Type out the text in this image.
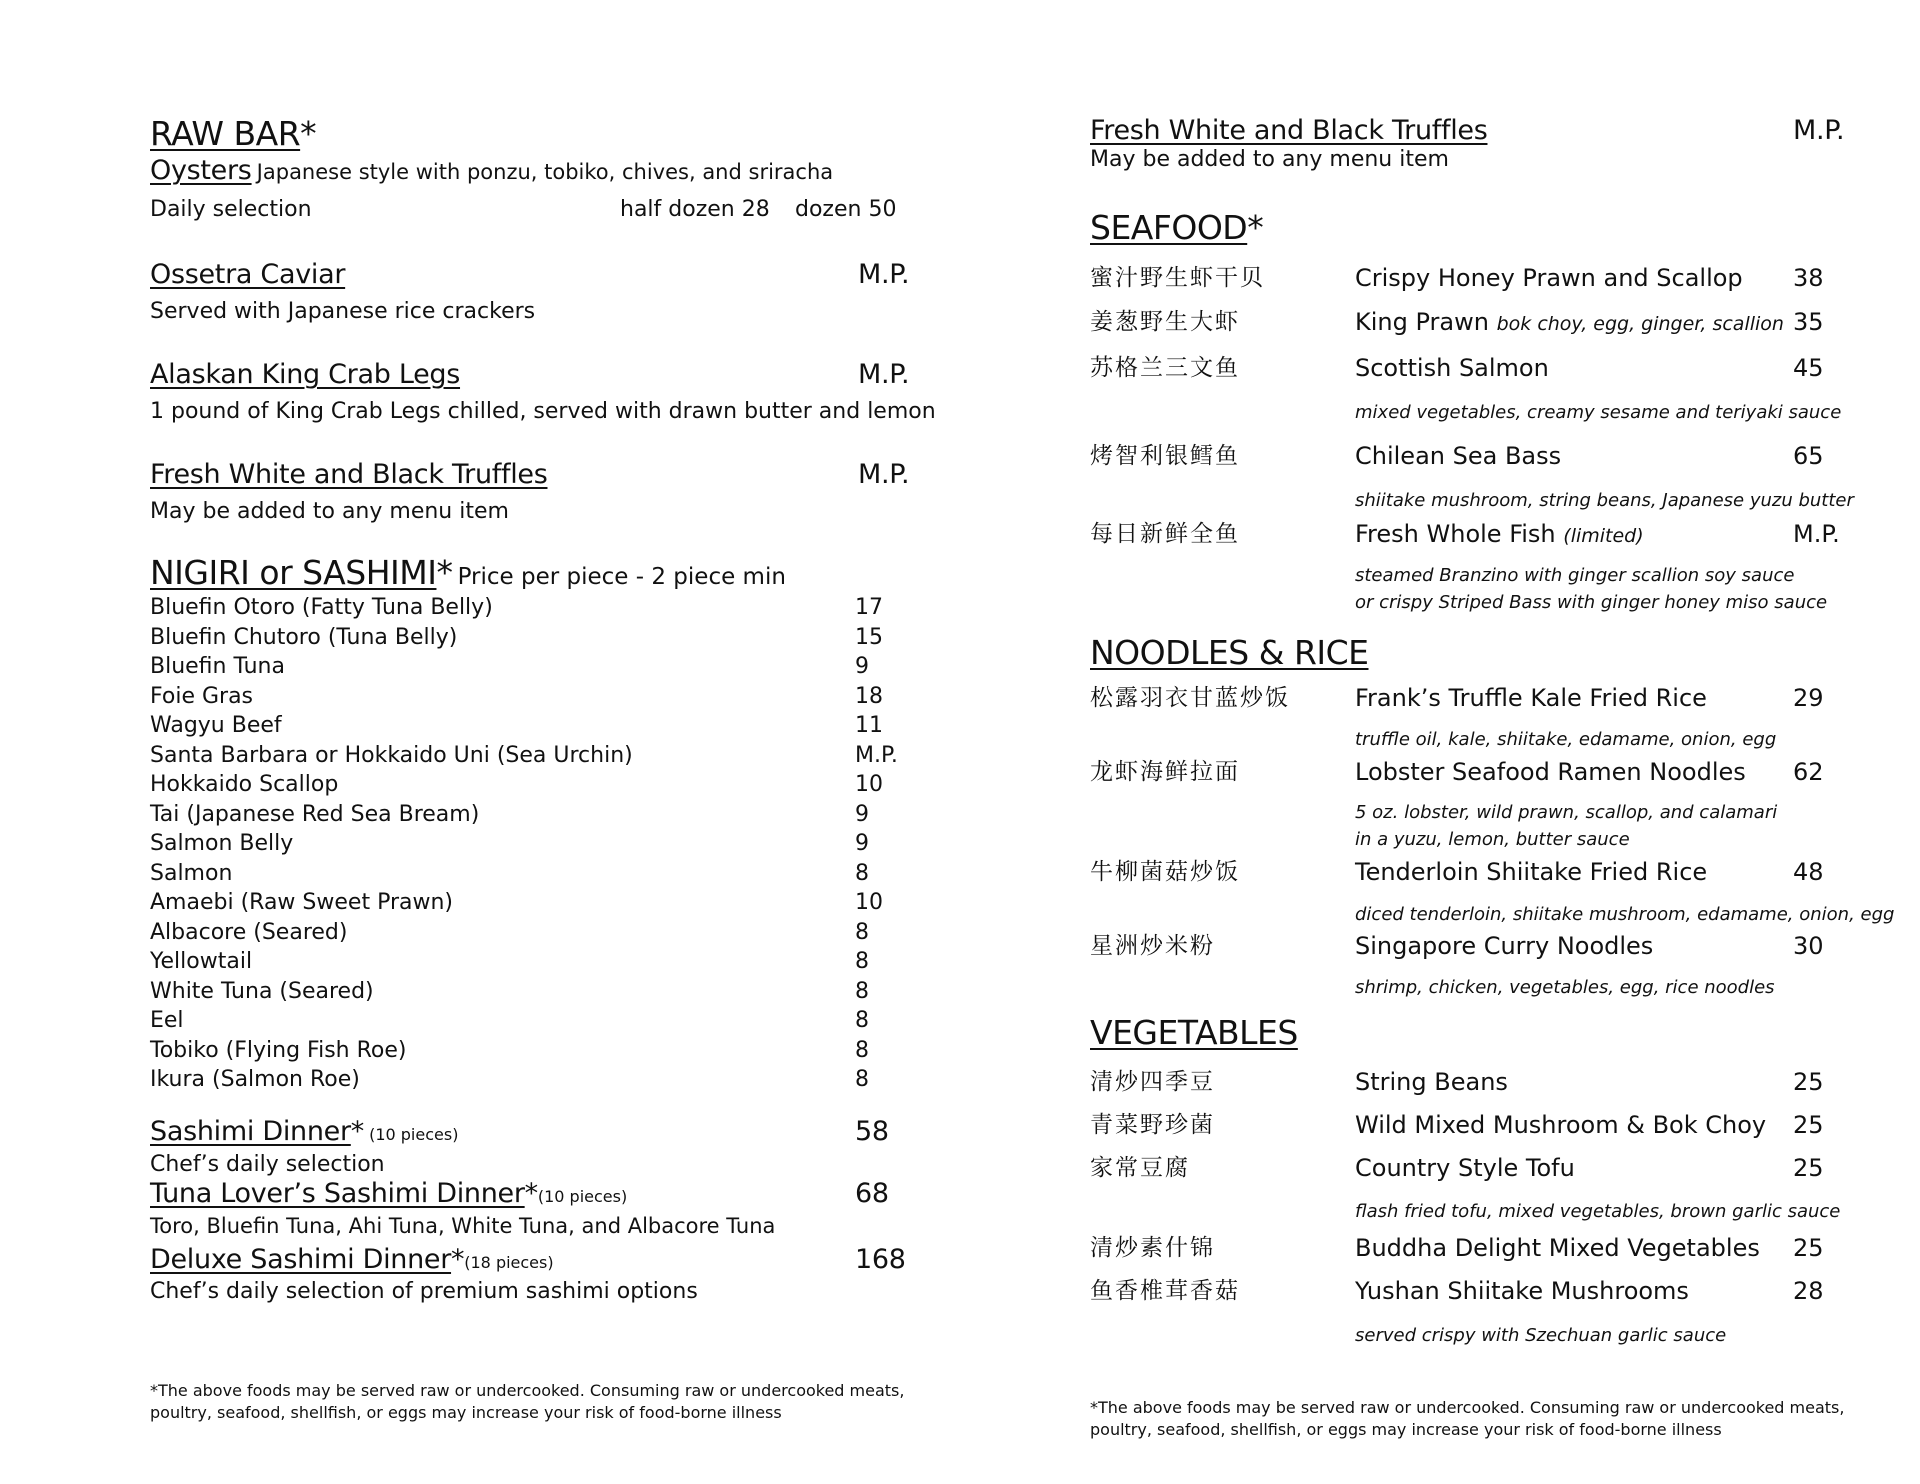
RAW BAR*
Oysters Japanese style with ponzu, tobiko, chives, and sriracha
Daily selection	half dozen 28 dozen 50
Ossetra Caviar	M.P.
Served with Japanese rice crackers
Alaskan King Crab Legs	M.P.
1 pound of King Crab Legs chilled, served with drawn butter and lemon
Fresh White and Black Truffles	M.P.
May be added to any menu item
NIGIRI or SASHIMI* Price per piece - 2 piece min
Bluefin Otoro (Fatty Tuna Belly)	17
Bluefin Chutoro (Tuna Belly)	15
Bluefin Tuna	9
Foie Gras	18
Wagyu Beef	11
Santa Barbara or Hokkaido Uni (Sea Urchin)	M.P.
Hokkaido Scallop	10
Tai (Japanese Red Sea Bream)	9
Salmon Belly	9
Salmon	8
Amaebi (Raw Sweet Prawn)	10
Albacore (Seared)	8
Yellowtail	8
White Tuna (Seared)	8
Eel	8
Tobiko (Flying Fish Roe)	8
Ikura (Salmon Roe)	8
Sashimi Dinner* (10 pieces)	58
Chef’s daily selection
Tuna Lover’s Sashimi Dinner*(10 pieces)	68
Toro, Bluefin Tuna, Ahi Tuna, White Tuna, and Albacore Tuna
Deluxe Sashimi Dinner*(18 pieces)	168
Chef’s daily selection of premium sashimi options
*The above foods may be served raw or undercooked. Consuming raw or undercooked meats, poultry, seafood, shellfish, or eggs may increase your risk of food-borne illness
Fresh White and Black Truffles	M.P.
May be added to any menu item
SEAFOOD*
蜜汁野生虾干贝	Crispy Honey Prawn and Scallop 38
姜葱野生大虾	King Prawn bok choy, egg, ginger, scallion 35
苏格兰三文鱼	Scottish Salmon	45
mixed vegetables, creamy sesame and teriyaki sauce
烤智利银鳕鱼	Chilean Sea Bass	65
shiitake mushroom, string beans, Japanese yuzu butter
每日新鲜全鱼	Fresh Whole Fish (limited)	M.P.
steamed Branzino with ginger scallion soy sauce
or crispy Striped Bass with ginger honey miso sauce
NOODLES & RICE
松露羽衣甘蓝炒饭	Frank’s Truffle Kale Fried Rice	29
truffle oil, kale, shiitake, edamame, onion, egg
龙虾海鲜拉面	Lobster Seafood Ramen Noodles 62
5 oz. lobster, wild prawn, scallop, and calamari
in a yuzu, lemon, butter sauce
牛柳菌菇炒饭	Tenderloin Shiitake Fried Rice	48
diced tenderloin, shiitake mushroom, edamame, onion, egg
星洲炒米粉	Singapore Curry Noodles	30
shrimp, chicken, vegetables, egg, rice noodles
VEGETABLES
清炒四季豆	String Beans	25
青菜野珍菌	Wild Mixed Mushroom & Bok Choy 25
家常豆腐	Country Style Tofu	25
flash fried tofu, mixed vegetables, brown garlic sauce
清炒素什锦	Buddha Delight Mixed Vegetables 25
鱼香椎茸香菇	Yushan Shiitake Mushrooms	28
served crispy with Szechuan garlic sauce
*The above foods may be served raw or undercooked. Consuming raw or undercooked meats, poultry, seafood, shellfish, or eggs may increase your risk of food-borne illness
